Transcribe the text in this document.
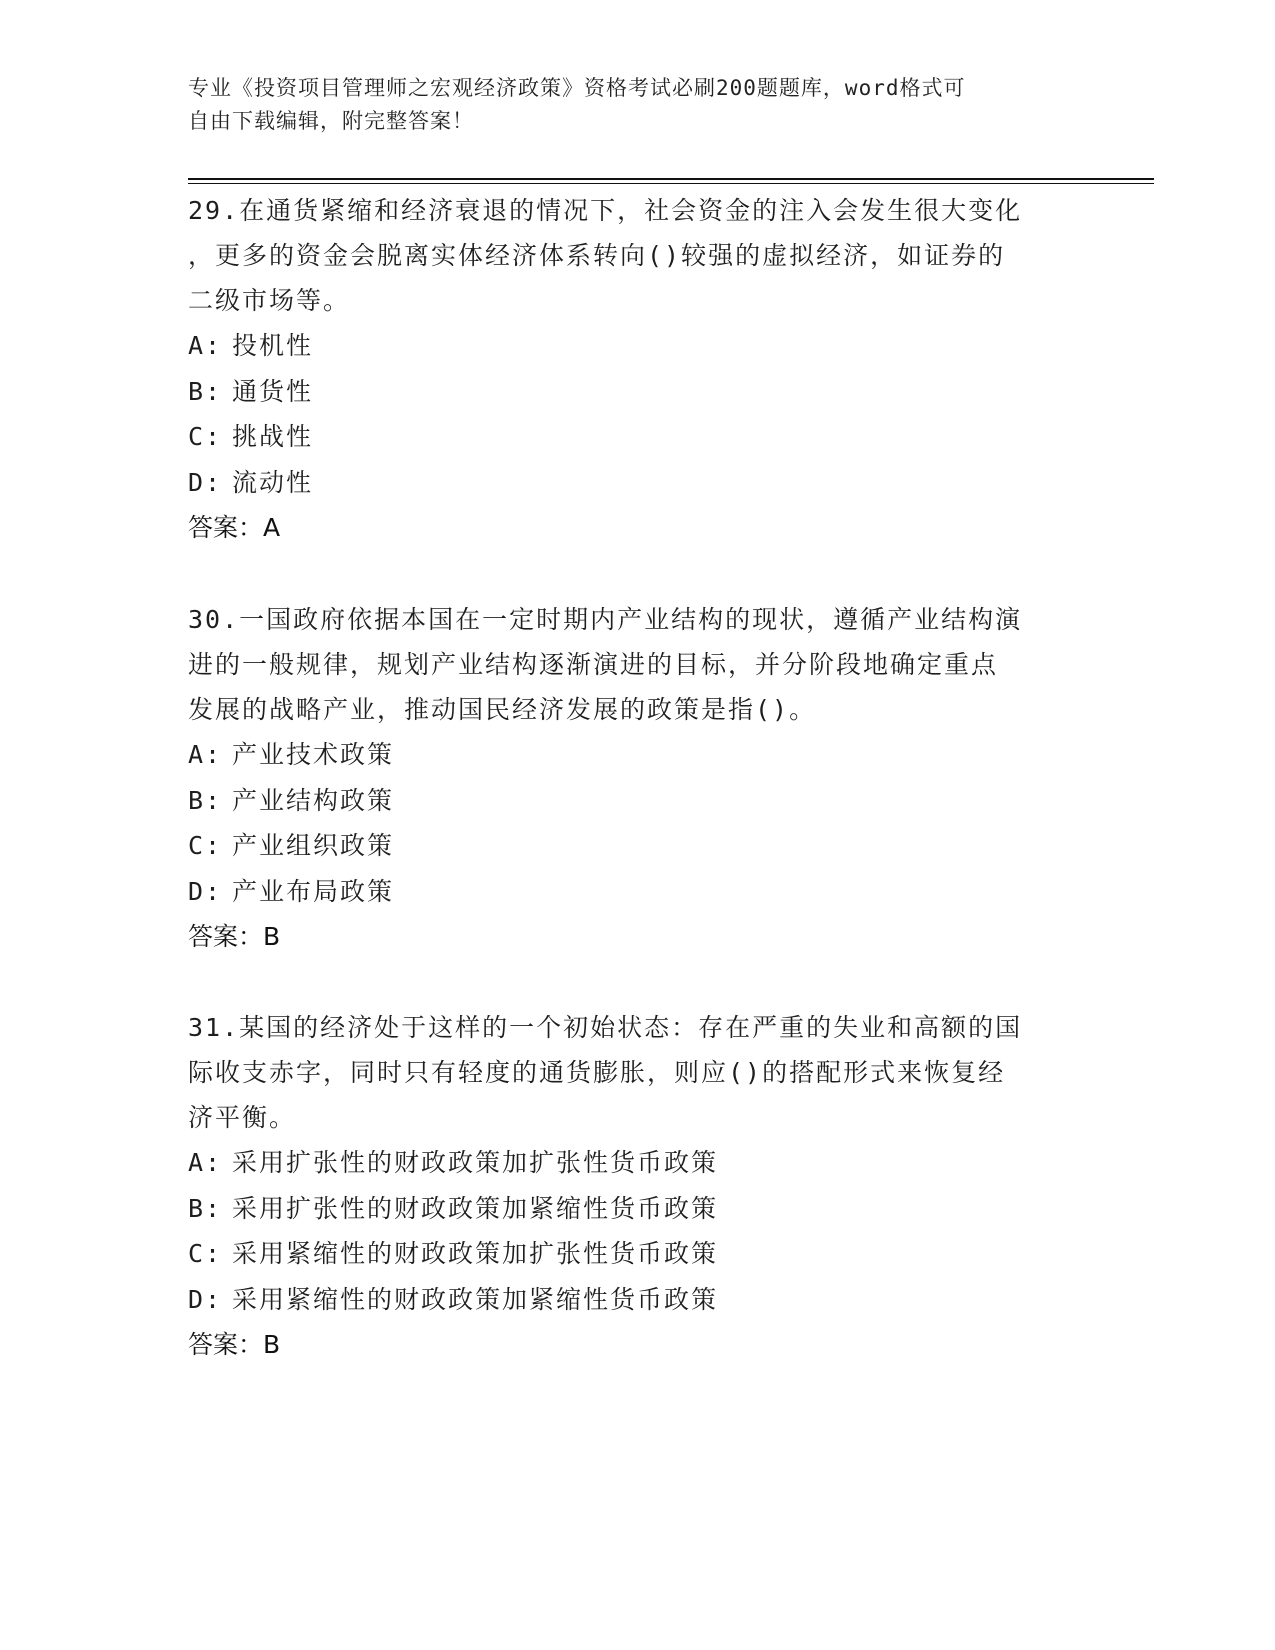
专业《投资项目管理师之宏观经济政策》资格考试必刷200题题库，word格式可
自由下载编辑，附完整答案！
29.在通货紧缩和经济衰退的情况下，社会资金的注入会发生很大变化
，更多的资金会脱离实体经济体系转向()较强的虚拟经济，如证券的
二级市场等。
A: 投机性
B: 通货性
C: 挑战性
D: 流动性
答案：A
30.一国政府依据本国在一定时期内产业结构的现状，遵循产业结构演
进的一般规律，规划产业结构逐渐演进的目标，并分阶段地确定重点
发展的战略产业，推动国民经济发展的政策是指()。
A: 产业技术政策
B: 产业结构政策
C: 产业组织政策
D: 产业布局政策
答案：B
31.某国的经济处于这样的一个初始状态：存在严重的失业和高额的国
际收支赤字，同时只有轻度的通货膨胀，则应()的搭配形式来恢复经
济平衡。
A: 采用扩张性的财政政策加扩张性货币政策
B: 采用扩张性的财政政策加紧缩性货币政策
C: 采用紧缩性的财政政策加扩张性货币政策
D: 采用紧缩性的财政政策加紧缩性货币政策
答案：B
